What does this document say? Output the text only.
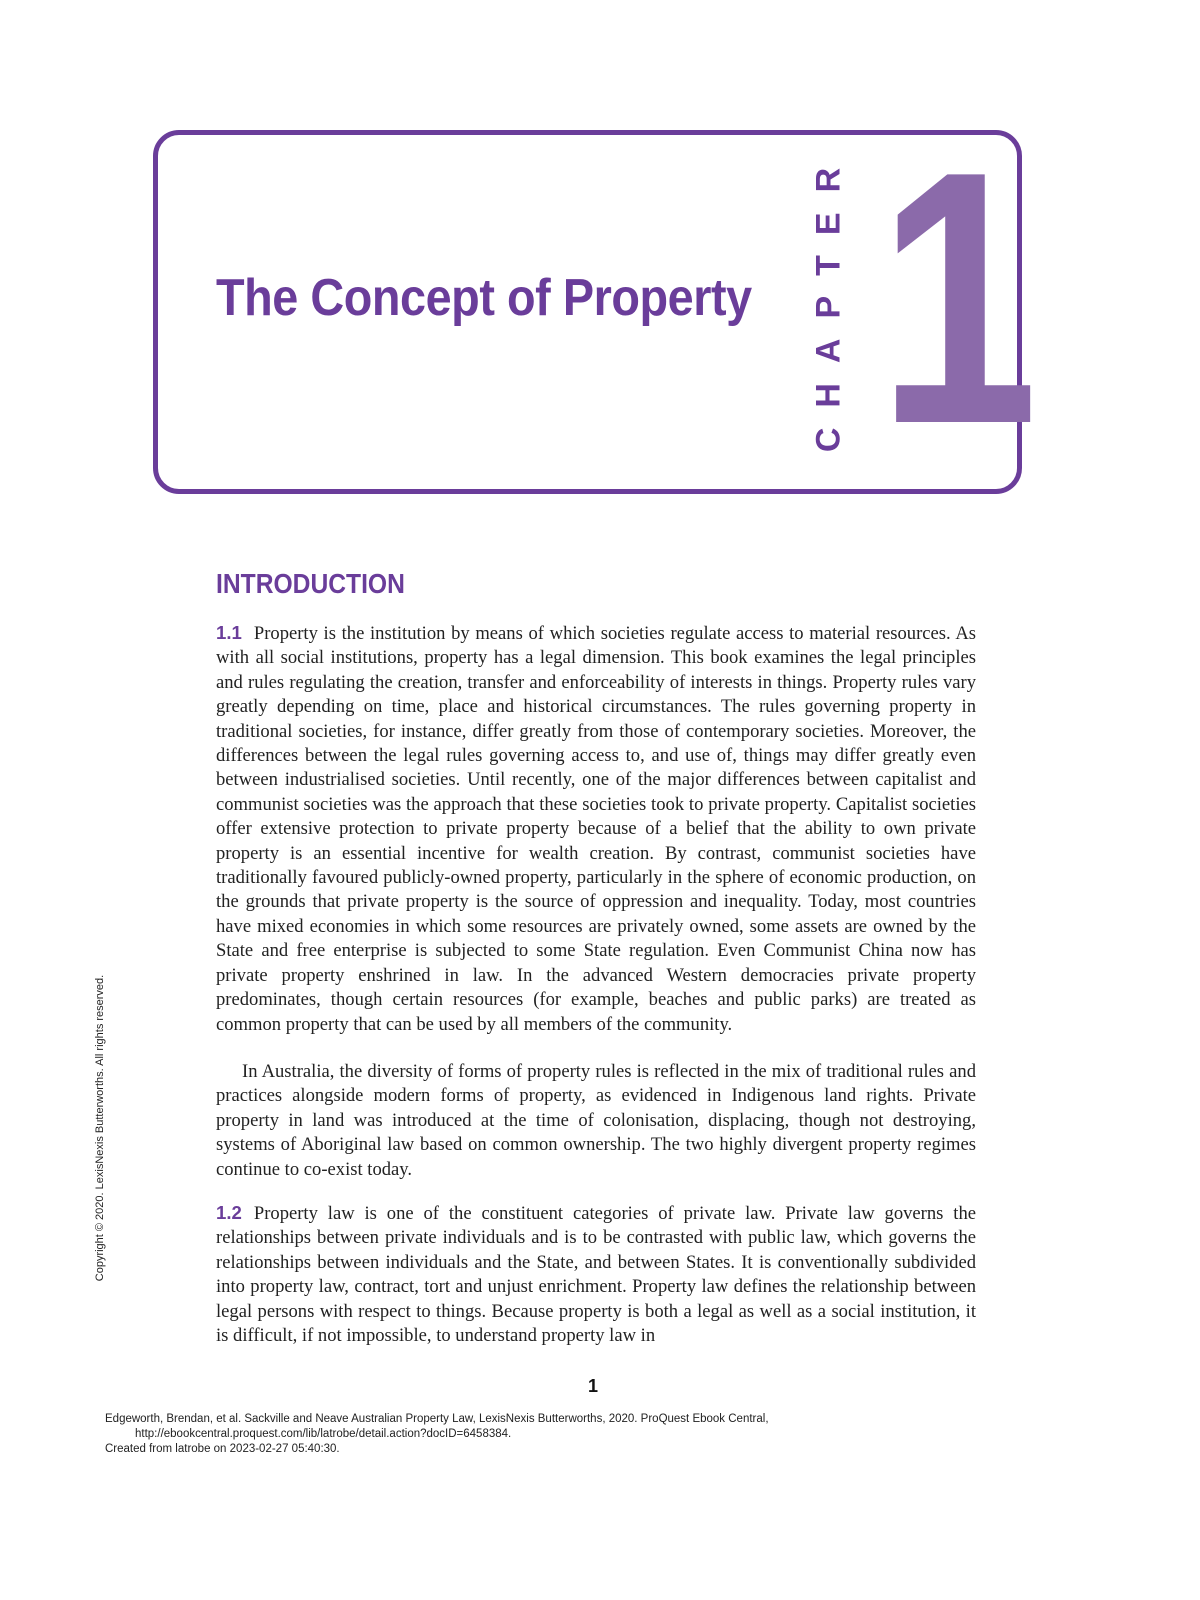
The Concept of Property CHAPTER 1
INTRODUCTION

1.1 Property is the institution by means of which societies regulate access to material resources. As with all social institutions, property has a legal dimension. This book examines the legal principles and rules regulating the creation, transfer and enforceability of interests in things. Property rules vary greatly depending on time, place and historical circumstances. The rules governing property in traditional societies, for instance, differ greatly from those of contemporary societies. Moreover, the differences between the legal rules governing access to, and use of, things may differ greatly even between industrialised societies. Until recently, one of the major differences between capitalist and communist societies was the approach that these societies took to private property. Capitalist societies offer extensive protection to private property because of a belief that the ability to own private property is an essential incentive for wealth creation. By contrast, communist societies have traditionally favoured publicly-owned property, particularly in the sphere of economic production, on the grounds that private property is the source of oppression and inequality. Today, most countries have mixed economies in which some resources are privately owned, some assets are owned by the State and free enterprise is subjected to some State regulation. Even Communist China now has private property enshrined in law. In the advanced Western democracies private property predominates, though certain resources (for example, beaches and public parks) are treated as common property that can be used by all members of the community.

In Australia, the diversity of forms of property rules is reflected in the mix of traditional rules and practices alongside modern forms of property, as evidenced in Indigenous land rights. Private property in land was introduced at the time of colonisation, displacing, though not destroying, systems of Aboriginal law based on common ownership. The two highly divergent property regimes continue to co-exist today.

1.2 Property law is one of the constituent categories of private law. Private law governs the relationships between private individuals and is to be contrasted with public law, which governs the relationships between individuals and the State, and between States. It is conventionally subdivided into property law, contract, tort and unjust enrichment. Property law defines the relationship between legal persons with respect to things. Because property is both a legal as well as a social institution, it is difficult, if not impossible, to understand property law in

1
Edgeworth, Brendan, et al. Sackville and Neave Australian Property Law, LexisNexis Butterworths, 2020. ProQuest Ebook Central,
http://ebookcentral.proquest.com/lib/latrobe/detail.action?docID=6458384.
Created from latrobe on 2023-02-27 05:40:30.
Copyright © 2020. LexisNexis Butterworths. All rights reserved.
